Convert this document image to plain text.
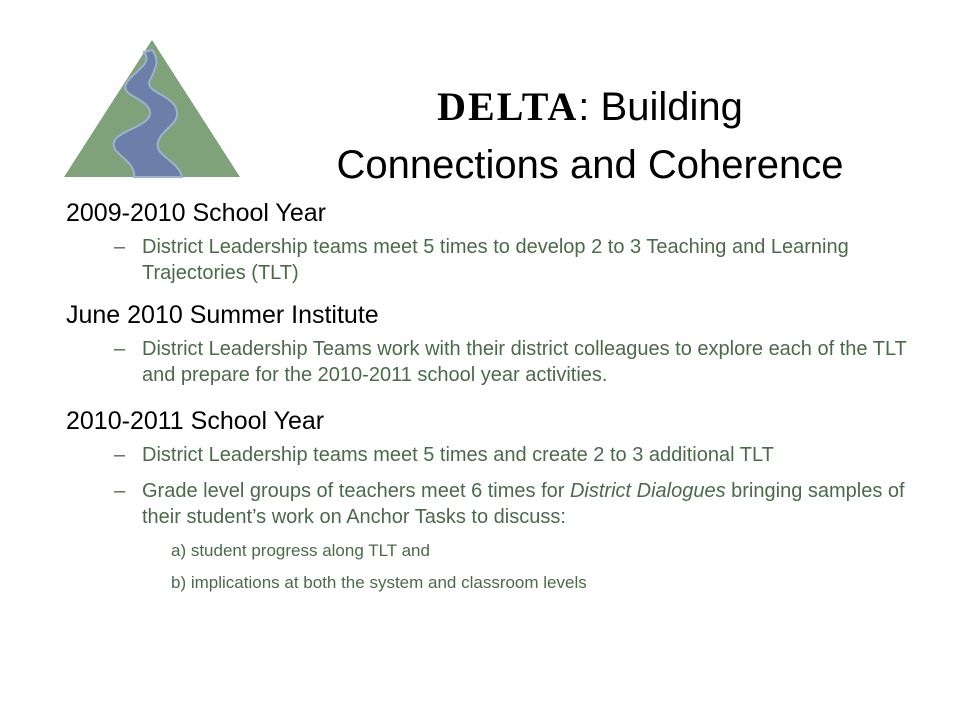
DELTA: Building
Connections and Coherence
2009-2010 School Year
– District Leadership teams meet 5 times to develop 2 to 3 Teaching and Learning Trajectories (TLT)
June 2010 Summer Institute
– District Leadership Teams work with their district colleagues to explore each of the TLT and prepare for the 2010-2011 school year activities.
2010-2011 School Year
– District Leadership teams meet 5 times and create 2 to 3 additional TLT
– Grade level groups of teachers meet 6 times for District Dialogues bringing samples of their student’s work on Anchor Tasks to discuss:
a) student progress along TLT and
b) implications at both the system and classroom levels
